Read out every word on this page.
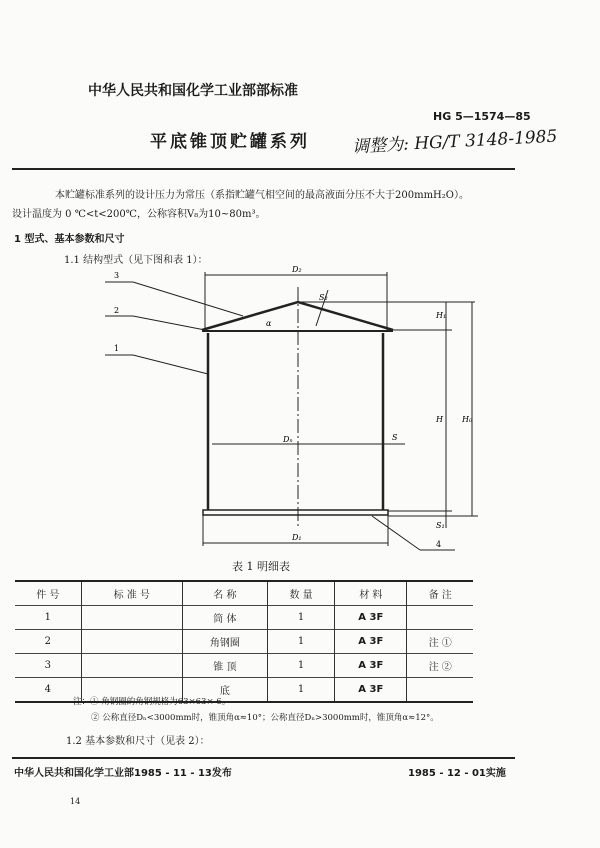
中华人民共和国化学工业部部标准
HG 5—1574—85
平底锥顶贮罐系列 调整为: HG/T 3148-1985
本贮罐标准系列的设计压力为常压（系指贮罐气相空间的最高液面分压不大于200mmH₂O）。
设计温度为 0 ℃<t<200℃，公称容积V₈为10~80m³。
1 型式、基本参数和尺寸
1.1 结构型式（见下图和表 1）：
D₂
D₁
Dₙ	S
S₁
S₂
H
H₁
H₀
α
3
2
1
4
表 1 明细表
件 号	标 准 号	名 称	数 量	材 料	备 注
1		筒 体	1	A 3F	
2		角钢圈	1	A 3F	注 ①
3		锥 顶	1	A 3F	注 ②
4		底	1	A 3F	
注：① 角钢圈的角钢规格为63×63× 6。
② 公称直径Dₙ<3000mm时，锥顶角α≈10°；公称直径Dₙ>3000mm时，锥顶角α≈12°。
1.2 基本参数和尺寸（见表 2）：
中华人民共和国化学工业部1985 - 11 - 13发布	1985 - 12 - 01实施
14
